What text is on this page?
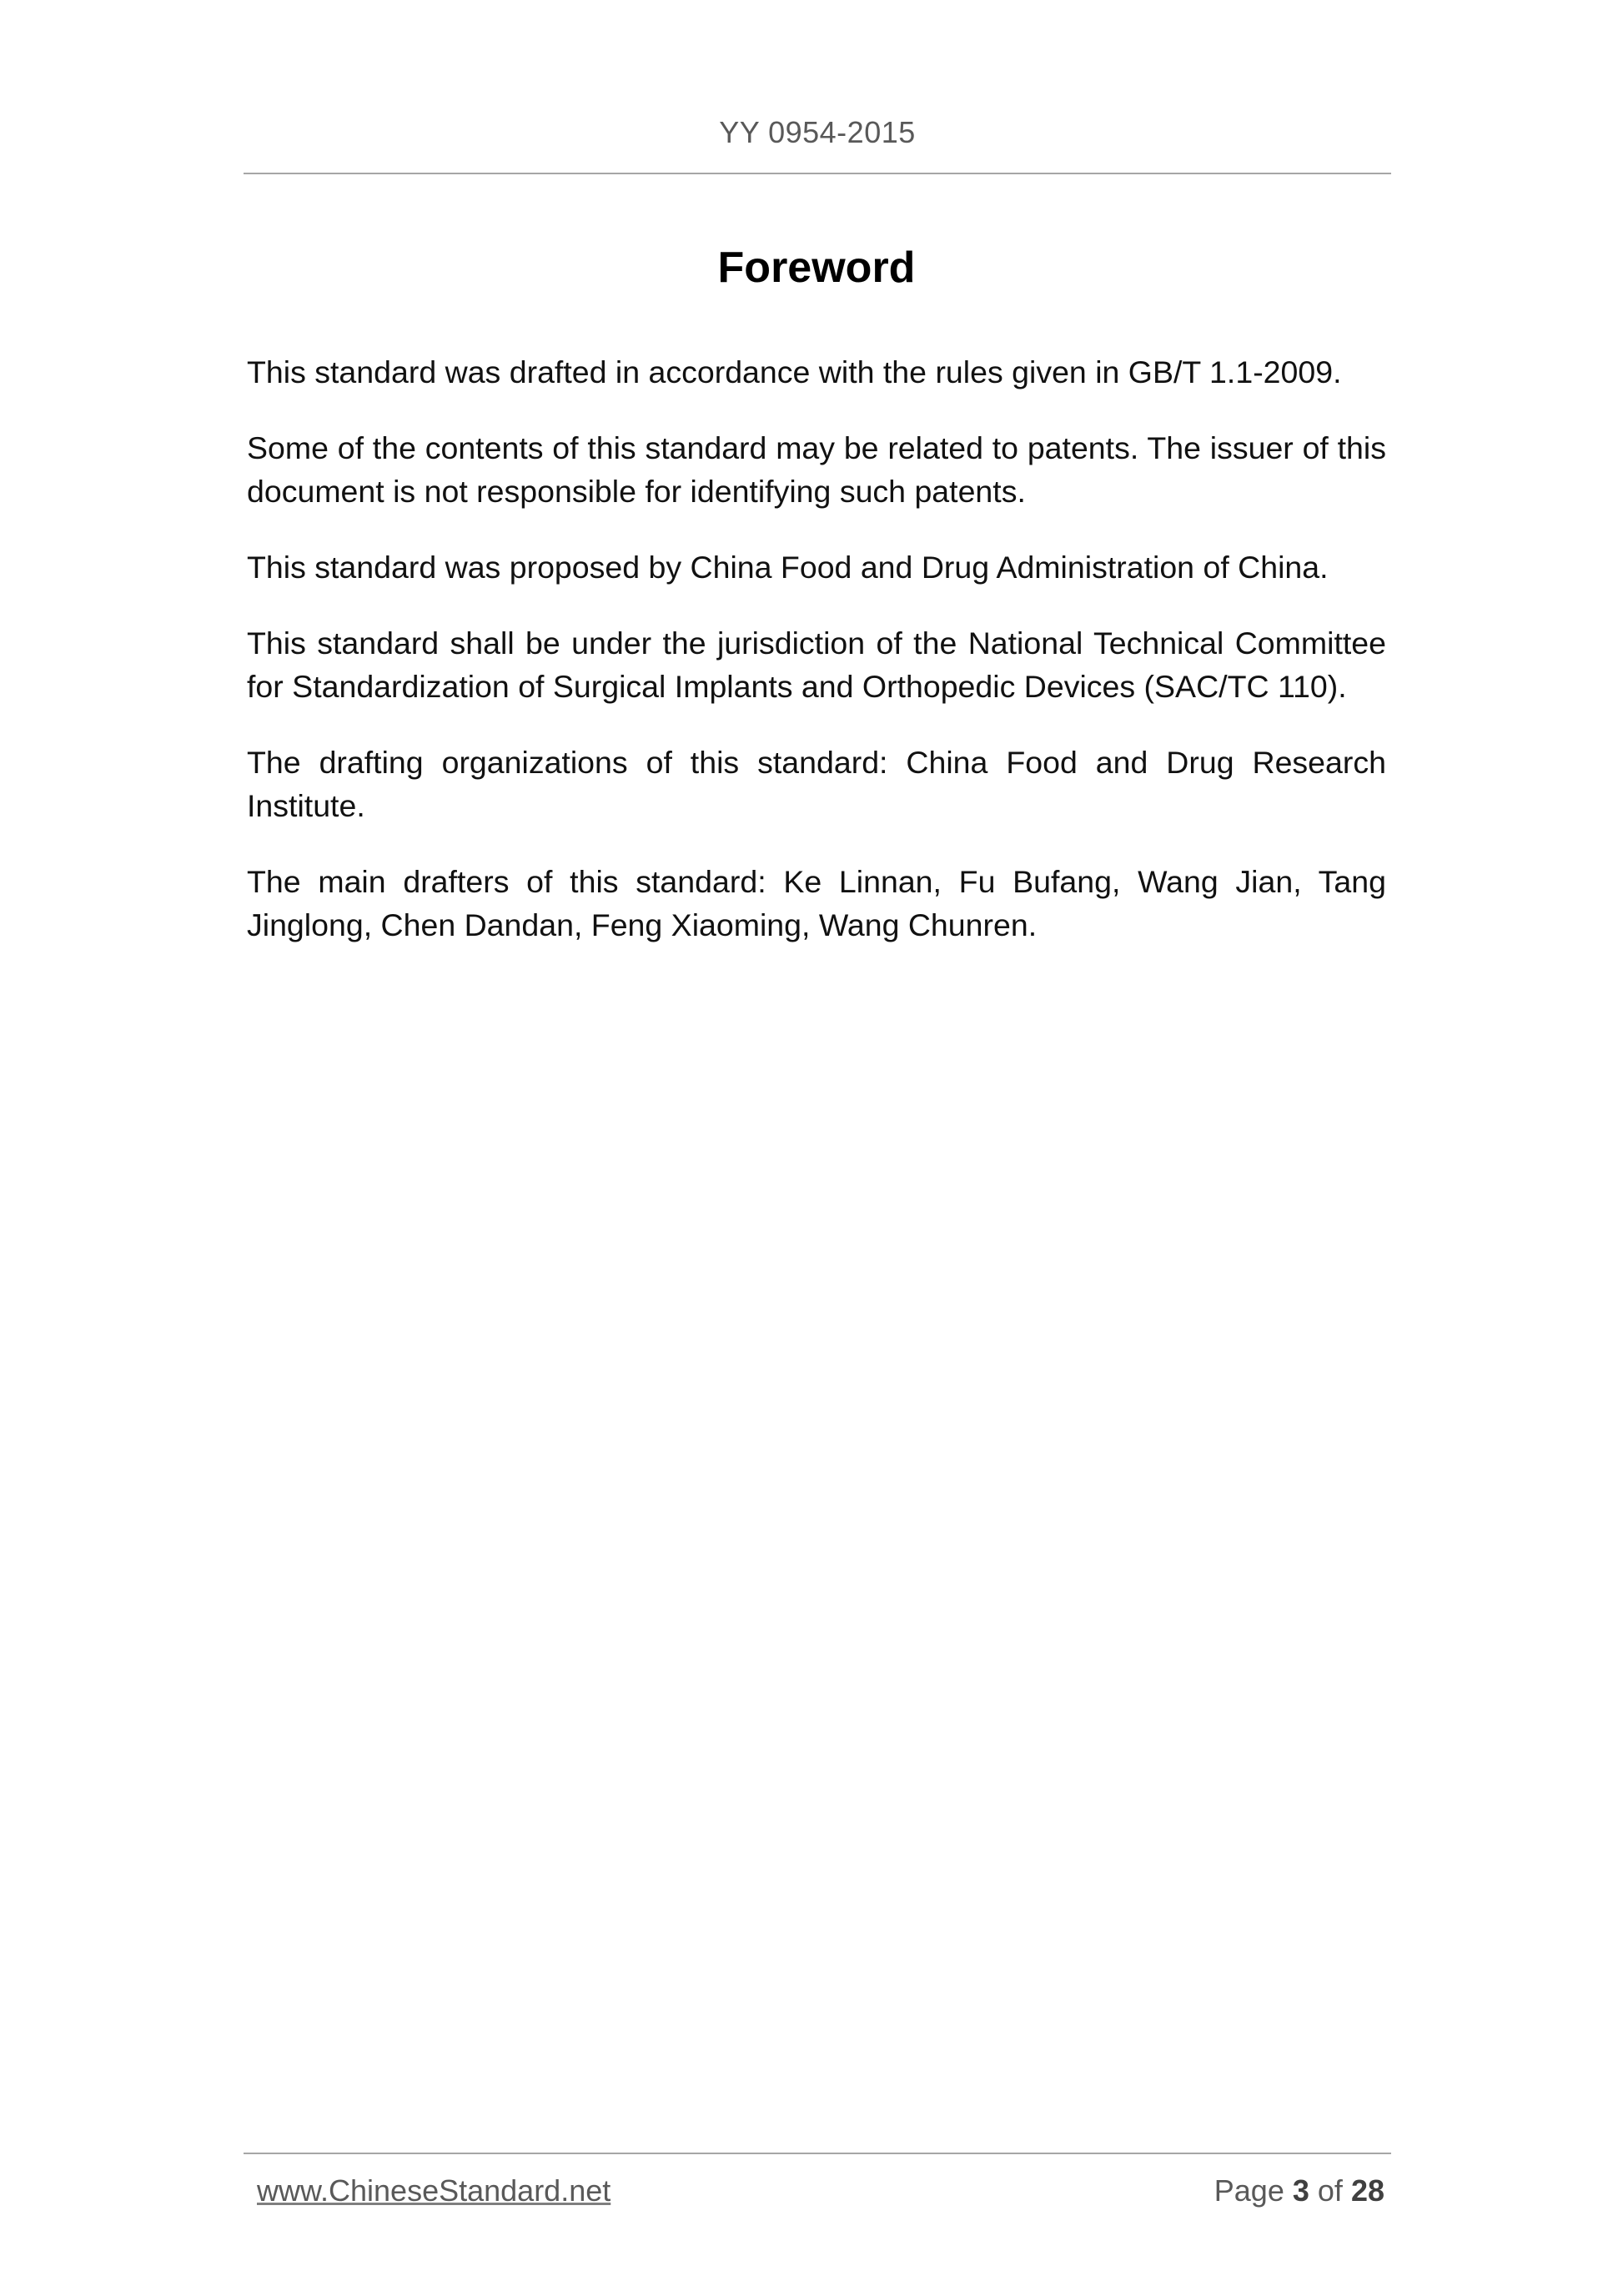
YY 0954-2015
Foreword

This standard was drafted in accordance with the rules given in GB/T 1.1-2009.

Some of the contents of this standard may be related to patents. The issuer of this document is not responsible for identifying such patents.

This standard was proposed by China Food and Drug Administration of China.

This standard shall be under the jurisdiction of the National Technical Committee for Standardization of Surgical Implants and Orthopedic Devices (SAC/TC 110).

The drafting organizations of this standard: China Food and Drug Research Institute.

The main drafters of this standard: Ke Linnan, Fu Bufang, Wang Jian, Tang Jinglong, Chen Dandan, Feng Xiaoming, Wang Chunren.

www.ChineseStandard.net	Page 3 of 28
